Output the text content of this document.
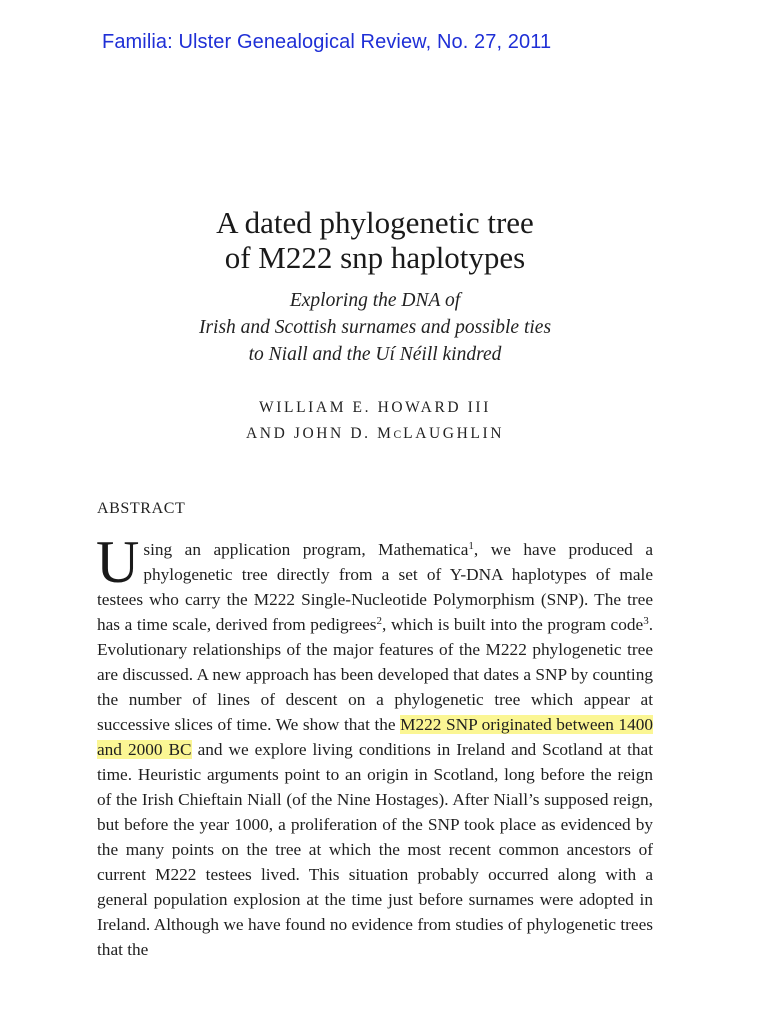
Familia: Ulster Genealogical Review, No. 27, 2011
A dated phylogenetic tree
of M222 snp haplotypes
Exploring the DNA of
Irish and Scottish surnames and possible ties
to Niall and the Uí Néill kindred
WILLIAM E. HOWARD III
AND JOHN D. MCLAUGHLIN
ABSTRACT
Using an application program, Mathematica$^1$, we have produced a phylogenetic tree directly from a set of Y-DNA haplotypes of male testees who carry the M222 Single-Nucleotide Polymorphism (SNP). The tree has a time scale, derived from pedigrees$^2$, which is built into the program code$^3$. Evolutionary relationships of the major features of the M222 phylogenetic tree are discussed. A new approach has been developed that dates a SNP by counting the number of lines of descent on a phylogenetic tree which appear at successive slices of time. We show that the M222 SNP originated between 1400 and 2000 BC and we explore living conditions in Ireland and Scotland at that time. Heuristic arguments point to an origin in Scotland, long before the reign of the Irish Chieftain Niall (of the Nine Hostages). After Niall’s supposed reign, but before the year 1000, a proliferation of the SNP took place as evidenced by the many points on the tree at which the most recent common ancestors of current M222 testees lived. This situation probably occurred along with a general population explosion at the time just before surnames were adopted in Ireland. Although we have found no evidence from studies of phylogenetic trees that the
